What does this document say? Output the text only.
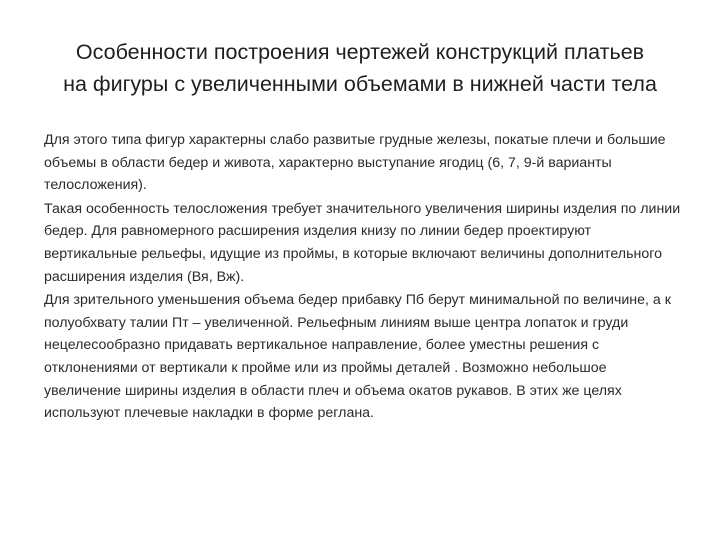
Особенности построения чертежей конструкций платьев
на фигуры с увеличенными объемами в нижней части тела

Для этого типа фигур характерны слабо развитые грудные железы, покатые плечи и большие объемы в области бедер и живота, характерно выступание ягодиц (6, 7, 9-й варианты телосложения).

Такая особенность телосложения требует значительного увеличения ширины изделия по линии бедер. Для равномерного расширения изделия книзу по линии бедер проектируют вертикальные рельефы, идущие из проймы, в которые включают величины дополнительного расширения изделия (Вя, Вж).

Для зрительного уменьшения объема бедер прибавку Пб берут минимальной по величине, а к полуобхвату талии Пт – увеличенной. Рельефным линиям выше центра лопаток и груди нецелесообразно придавать вертикальное направление, более уместны решения с отклонениями от вертикали к пройме или из проймы деталей . Возможно небольшое увеличение ширины изделия в области плеч и объема окатов рукавов. В этих же целях используют плечевые накладки в форме реглана.
